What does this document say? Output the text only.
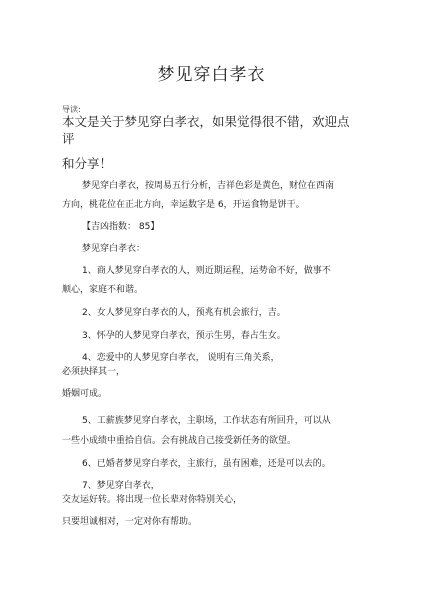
梦见穿白孝衣
导读:
本文是关于梦见穿白孝衣，如果觉得很不错，欢迎点
评
和分享！
梦见穿白孝衣，按周易五行分析，吉祥色彩是黄色，财位在西南
方向，桃花位在正北方向，幸运数字是 6，开运食物是饼干。
【吉凶指数： 85】
梦见穿白孝衣：
1、商人梦见穿白孝衣的人，则近期运程，运势命不好，做事不
顺心，家庭不和谐。
2、女人梦见穿白孝衣的人，预兆有机会旅行，吉。
3、怀孕的人梦见穿白孝衣，预示生男，春占生女。
4、恋爱中的人梦见穿白孝衣， 说明有三角关系，
必须抉择其一，
婚姻可成。
5、工薪族梦见穿白孝衣，主职场，工作状态有所回升，可以从
一些小成绩中重拾自信。会有挑战自己接受新任务的欲望。
6、已婚者梦见穿白孝衣，主旅行，虽有困难，还是可以去的。
7、梦见穿白孝衣，
交友运好转。将出现一位长辈对你特别关心，
只要坦诚相对，一定对你有帮助。
